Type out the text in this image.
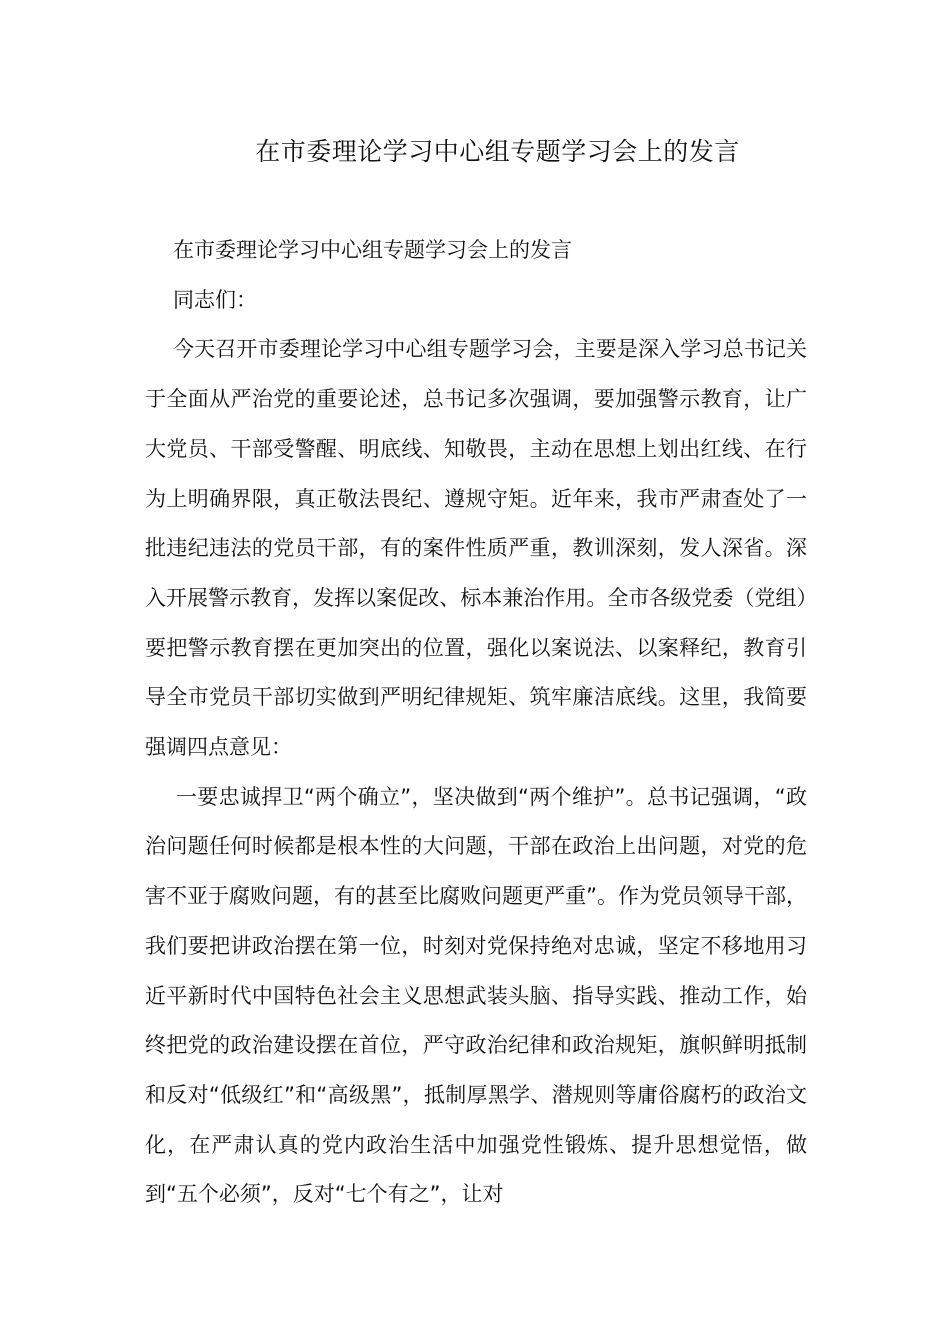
在市委理论学习中心组专题学习会上的发言

在市委理论学习中心组专题学习会上的发言

同志们：

今天召开市委理论学习中心组专题学习会，主要是深入学习总书记关于全面从严治党的重要论述，总书记多次强调，要加强警示教育，让广大党员、干部受警醒、明底线、知敬畏，主动在思想上划出红线、在行为上明确界限，真正敬法畏纪、遵规守矩。近年来，我市严肃查处了一批违纪违法的党员干部，有的案件性质严重，教训深刻，发人深省。深入开展警示教育，发挥以案促改、标本兼治作用。全市各级党委（党组）要把警示教育摆在更加突出的位置，强化以案说法、以案释纪，教育引导全市党员干部切实做到严明纪律规矩、筑牢廉洁底线。这里，我简要强调四点意见：

一要忠诚捍卫“两个确立”，坚决做到“两个维护”。总书记强调，“政治问题任何时候都是根本性的大问题，干部在政治上出问题，对党的危害不亚于腐败问题，有的甚至比腐败问题更严重”。作为党员领导干部，我们要把讲政治摆在第一位，时刻对党保持绝对忠诚，坚定不移地用习近平新时代中国特色社会主义思想武装头脑、指导实践、推动工作，始终把党的政治建设摆在首位，严守政治纪律和政治规矩，旗帜鲜明抵制和反对“低级红”和“高级黑”，抵制厚黑学、潜规则等庸俗腐朽的政治文化，在严肃认真的党内政治生活中加强党性锻炼、提升思想觉悟，做到“五个必须”，反对“七个有之”，让对
